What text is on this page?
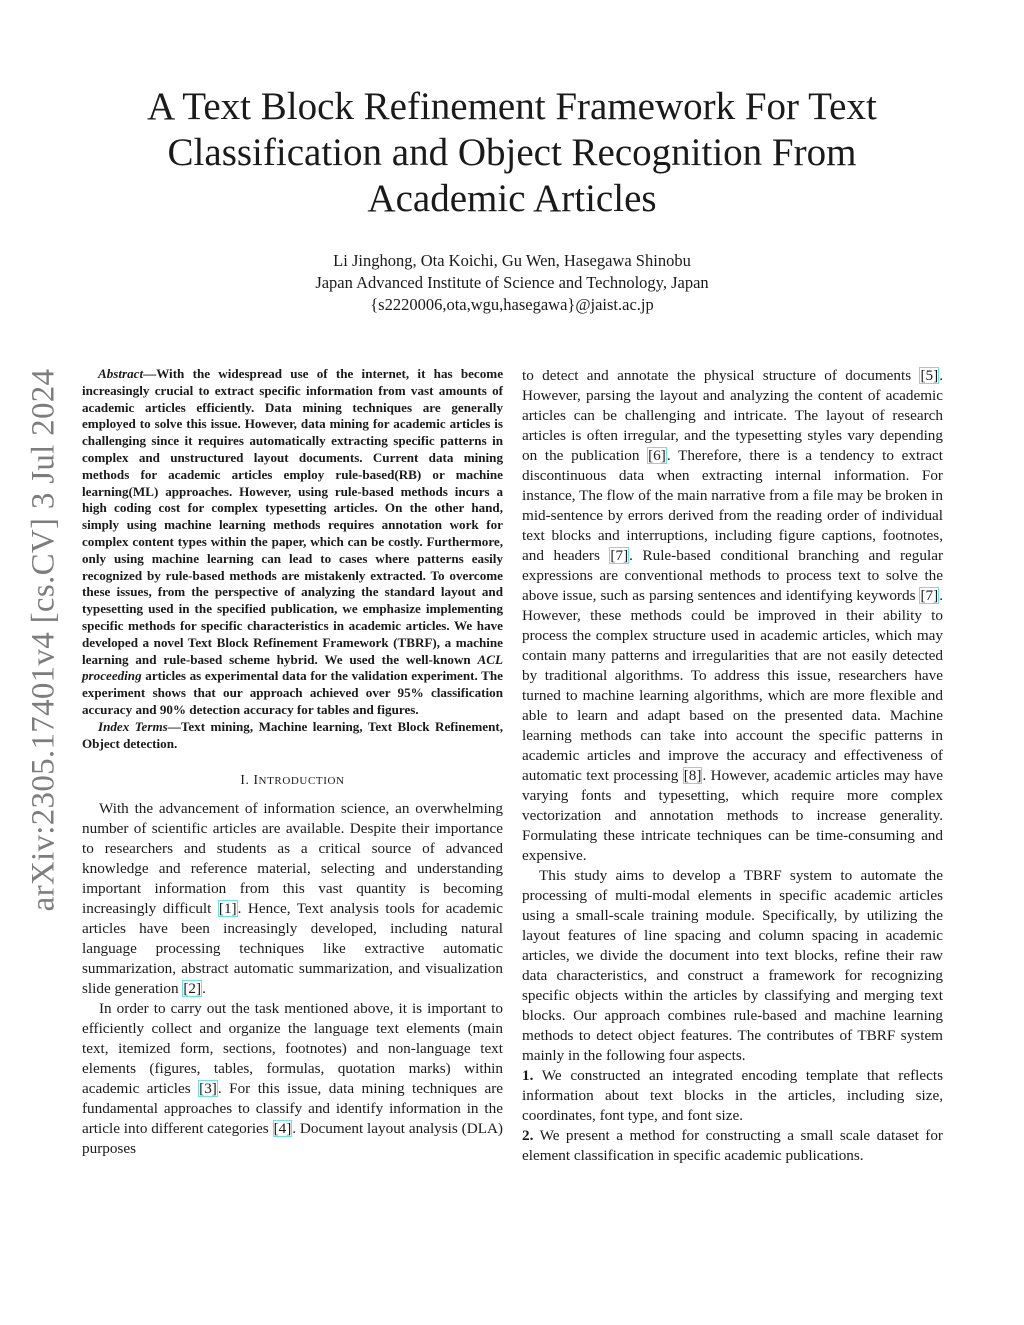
A Text Block Refinement Framework For Text
Classification and Object Recognition From
Academic Articles
Li Jinghong, Ota Koichi, Gu Wen, Hasegawa Shinobu
Japan Advanced Institute of Science and Technology, Japan
{s2220006,ota,wgu,hasegawa}@jaist.ac.jp
arXiv:2305.17401v4 [cs.CV] 3 Jul 2024	Abstract—With the widespread use of the internet, it has become increasingly crucial to extract specific information from vast amounts of academic articles efficiently. Data mining techniques are generally employed to solve this issue. However, data mining for academic articles is challenging since it requires automatically extracting specific patterns in complex and unstructured layout documents. Current data mining methods for academic articles employ rule-based(RB) or machine learning(ML) approaches. However, using rule-based methods incurs a high coding cost for complex typesetting articles. On the other hand, simply using machine learning methods requires annotation work for complex content types within the paper, which can be costly. Furthermore, only using machine learning can lead to cases where patterns easily recognized by rule-based methods are mistakenly extracted. To overcome these issues, from the perspective of analyzing the standard layout and typesetting used in the specified publication, we emphasize implementing specific methods for specific characteristics in academic articles. We have developed a novel Text Block Refinement Framework (TBRF), a machine learning and rule-based scheme hybrid. We used the well-known ACL proceeding articles as experimental data for the validation experiment. The experiment shows that our approach achieved over 95% classification accuracy and 90% detection accuracy for tables and figures.

Index Terms—Text mining, Machine learning, Text Block Refinement, Object detection.

I. INTRODUCTION

With the advancement of information science, an overwhelming number of scientific articles are available. Despite their importance to researchers and students as a critical source of advanced knowledge and reference material, selecting and understanding important information from this vast quantity is becoming increasingly difficult [1]. Hence, Text analysis tools for academic articles have been increasingly developed, including natural language processing techniques like extractive automatic summarization, abstract automatic summarization, and visualization slide generation [2].

In order to carry out the task mentioned above, it is important to efficiently collect and organize the language text elements (main text, itemized form, sections, footnotes) and non-language text elements (figures, tables, formulas, quotation marks) within academic articles [3]. For this issue, data mining techniques are fundamental approaches to classify and identify information in the article into different categories [4]. Document layout analysis (DLA) purposes

to detect and annotate the physical structure of documents [5]. However, parsing the layout and analyzing the content of academic articles can be challenging and intricate. The layout of research articles is often irregular, and the typesetting styles vary depending on the publication [6]. Therefore, there is a tendency to extract discontinuous data when extracting internal information. For instance, The flow of the main narrative from a file may be broken in mid-sentence by errors derived from the reading order of individual text blocks and interruptions, including figure captions, footnotes, and headers [7]. Rule-based conditional branching and regular expressions are conventional methods to process text to solve the above issue, such as parsing sentences and identifying keywords [7]. However, these methods could be improved in their ability to process the complex structure used in academic articles, which may contain many patterns and irregularities that are not easily detected by traditional algorithms. To address this issue, researchers have turned to machine learning algorithms, which are more flexible and able to learn and adapt based on the presented data. Machine learning methods can take into account the specific patterns in academic articles and improve the accuracy and effectiveness of automatic text processing [8]. However, academic articles may have varying fonts and typesetting, which require more complex vectorization and annotation methods to increase generality. Formulating these intricate techniques can be time-consuming and expensive.

This study aims to develop a TBRF system to automate the processing of multi-modal elements in specific academic articles using a small-scale training module. Specifically, by utilizing the layout features of line spacing and column spacing in academic articles, we divide the document into text blocks, refine their raw data characteristics, and construct a framework for recognizing specific objects within the articles by classifying and merging text blocks. Our approach combines rule-based and machine learning methods to detect object features. The contributes of TBRF system mainly in the following four aspects.

1. We constructed an integrated encoding template that reflects information about text blocks in the articles, including size, coordinates, font type, and font size.

2. We present a method for constructing a small scale dataset for element classification in specific academic publications.
